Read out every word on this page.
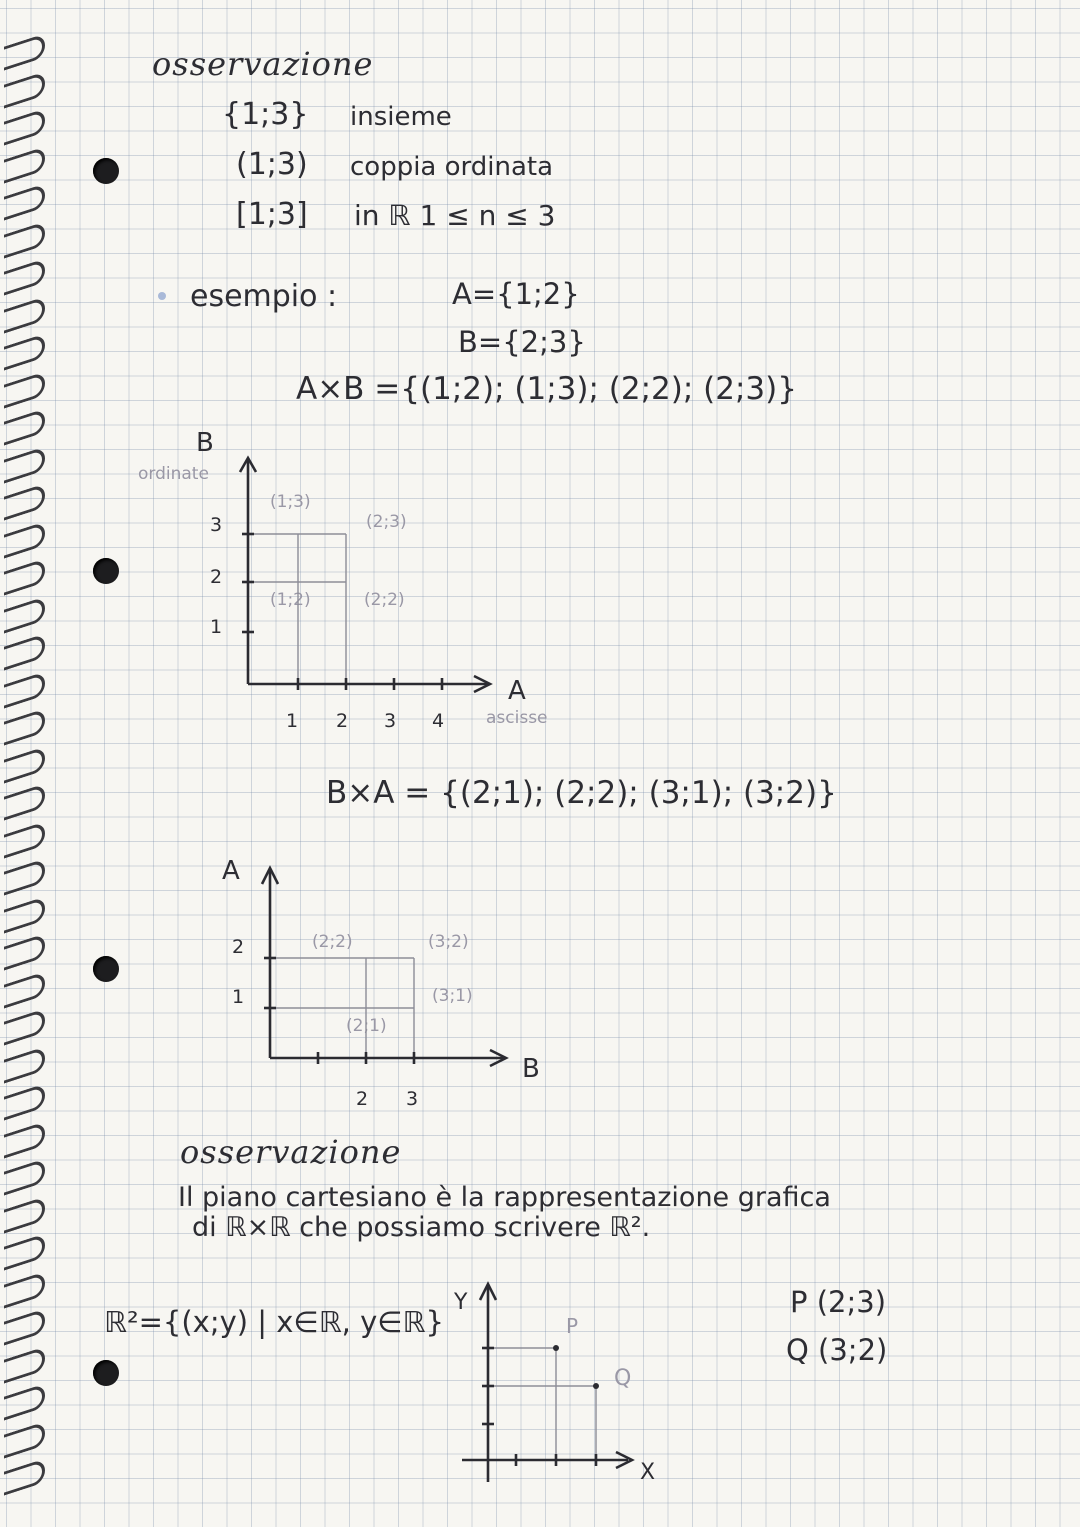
osservazione
{1;3} insieme
(1;3) coppia ordinata
[1;3] in ℝ 1 ≤ n ≤ 3
esempio :	A={1;2}
B={2;3}
A×B ={(1;2); (1;3); (2;2); (2;3)}
B
ordinate
3
2
1
1 2 3 4
A
ascisse
(1;3)
(2;3)
(1;2)	(2;2)
B×A = {(2;1); (2;2); (3;1); (3;2)}
A
2
1
2 3
B
(2;2)	(3;2)
(3;1)
(2;1)
osservazione
Il piano cartesiano è la rappresentazione grafica
di ℝ×ℝ che possiamo scrivere ℝ².
ℝ²={(x;y) | x∈ℝ, y∈ℝ}
Y
X
P
Q
P (2;3)
Q (3;2)
